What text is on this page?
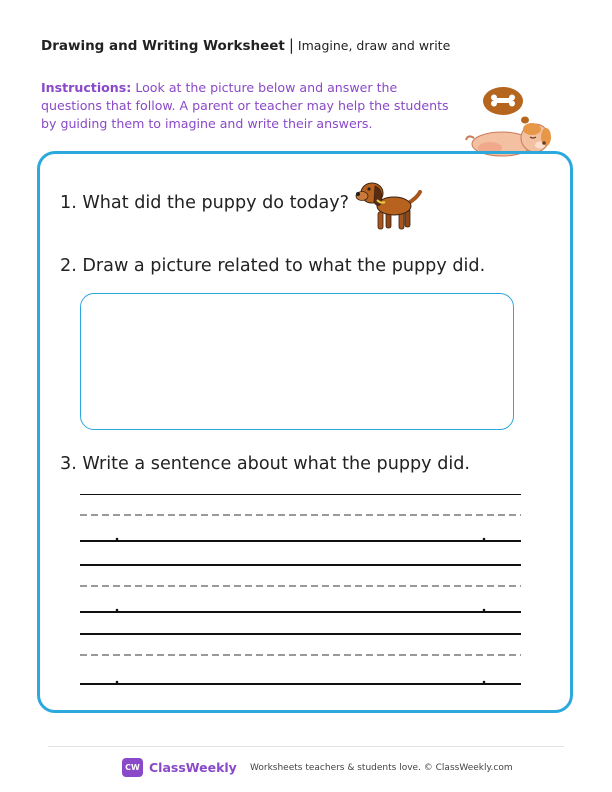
Drawing and Writing Worksheet | Imagine, draw and write
Instructions: Look at the picture below and answer the questions that follow. A parent or teacher may help the students by guiding them to imagine and write their answers.
1. What did the puppy do today?
2. Draw a picture related to what the puppy did.
3. Write a sentence about what the puppy did.
CW ClassWeekly Worksheets teachers & students love. © ClassWeekly.com
